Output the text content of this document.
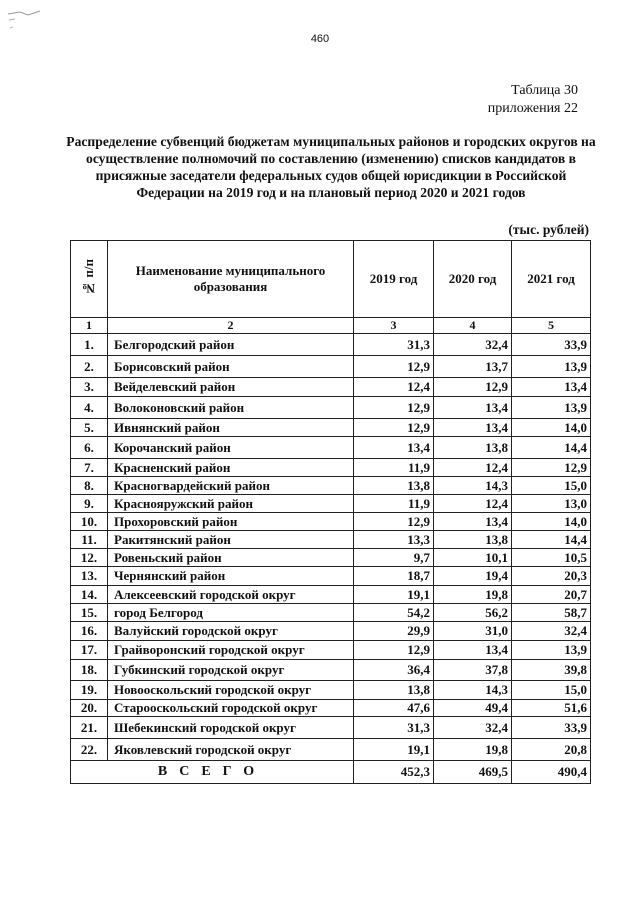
460
Таблица 30
приложения 22
Распределение субвенций бюджетам муниципальных районов и городских округов на осуществление полномочий по составлению (изменению) списков кандидатов в присяжные заседатели федеральных судов общей юрисдикции в Российской Федерации на 2019 год и на плановый период 2020 и 2021 годов
(тыс. рублей)
№ п/п	Наименование муниципального образования	2019 год	2020 год	2021 год
1	2	3	4	5
1.	Белгородский район	31,3	32,4	33,9
2.	Борисовский район	12,9	13,7	13,9
3.	Вейделевский район	12,4	12,9	13,4
4.	Волоконовский район	12,9	13,4	13,9
5.	Ивнянский район	12,9	13,4	14,0
6.	Корочанский район	13,4	13,8	14,4
7.	Красненский район	11,9	12,4	12,9
8.	Красногвардейский район	13,8	14,3	15,0
9.	Краснояружский район	11,9	12,4	13,0
10.	Прохоровский район	12,9	13,4	14,0
11.	Ракитянский район	13,3	13,8	14,4
12.	Ровеньский район	9,7	10,1	10,5
13.	Чернянский район	18,7	19,4	20,3
14.	Алексеевский городской округ	19,1	19,8	20,7
15.	город Белгород	54,2	56,2	58,7
16.	Валуйский городской округ	29,9	31,0	32,4
17.	Грайворонский городской округ	12,9	13,4	13,9
18.	Губкинский городской округ	36,4	37,8	39,8
19.	Новооскольский городской округ	13,8	14,3	15,0
20.	Старооскольский городской округ	47,6	49,4	51,6
21.	Шебекинский городской округ	31,3	32,4	33,9
22.	Яковлевский городской округ	19,1	19,8	20,8
ВСЕГО		452,3	469,5	490,4
